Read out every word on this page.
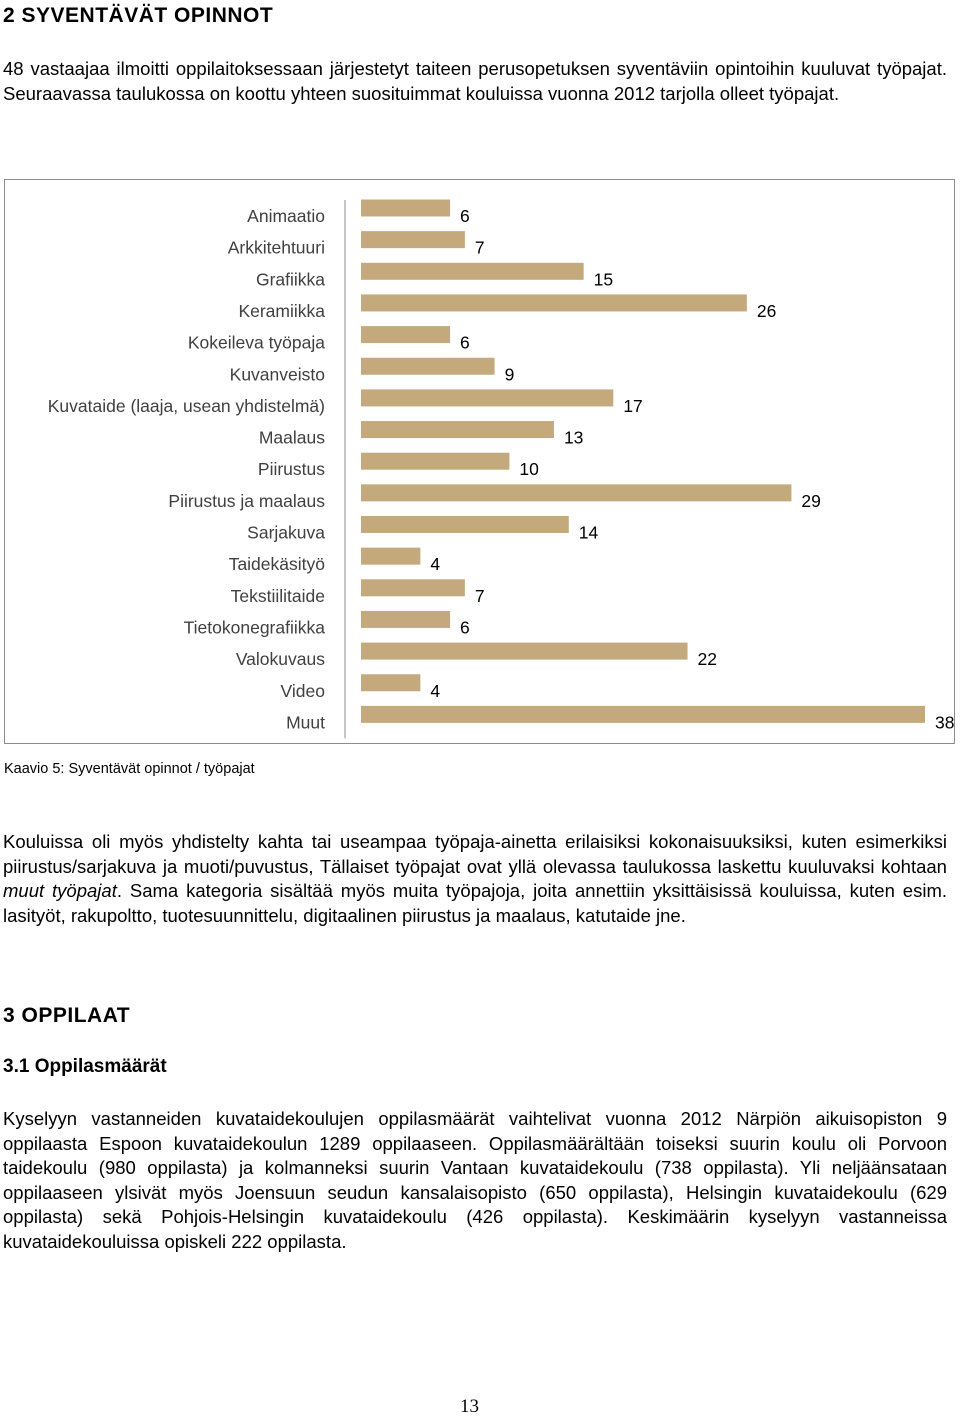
2 SYVENTÄVÄT OPINNOT
48 vastaajaa ilmoitti oppilaitoksessaan järjestetyt taiteen perusopetuksen syventäviin opintoihin kuuluvat työpajat. Seuraavassa taulukossa on koottu yhteen suosituimmat kouluissa vuonna 2012 tarjolla olleet työpajat.
Animaatio	6
Arkkitehtuuri	7
Grafiikka	15
Keramiikka	26
Kokeileva työpaja	6
Kuvanveisto	9
Kuvataide (laaja, usean yhdistelmä)	17
Maalaus	13
Piirustus	10
Piirustus ja maalaus	29
Sarjakuva	14
Taidekäsityö	4
Tekstiilitaide	7
Tietokonegrafiikka	6
Valokuvaus	22
Video	4
Muut	38
Kaavio 5: Syventävät opinnot / työpajat
Kouluissa oli myös yhdistelty kahta tai useampaa työpaja-ainetta erilaisiksi kokonaisuuksiksi, kuten esimerkiksi piirustus/sarjakuva ja muoti/puvustus, Tällaiset työpajat ovat yllä olevassa taulukossa laskettu kuuluvaksi kohtaan muut työpajat. Sama kategoria sisältää myös muita työpajoja, joita annettiin yksittäisissä kouluissa, kuten esim. lasityöt, rakupoltto, tuotesuunnittelu, digitaalinen piirustus ja maalaus, katutaide jne.
3 OPPILAAT
3.1 Oppilasmäärät
Kyselyyn vastanneiden kuvataidekoulujen oppilasmäärät vaihtelivat vuonna 2012 Närpiön aikuisopiston 9 oppilaasta Espoon kuvataidekoulun 1289 oppilaaseen. Oppilasmäärältään toiseksi suurin koulu oli Porvoon taidekoulu (980 oppilasta) ja kolmanneksi suurin Vantaan kuvataidekoulu (738 oppilasta). Yli neljäänsataan oppilaaseen ylsivät myös Joensuun seudun kansalaisopisto (650 oppilasta), Helsingin kuvataidekoulu (629 oppilasta) sekä Pohjois-Helsingin kuvataidekoulu (426 oppilasta). Keskimäärin kyselyyn vastanneissa kuvataidekouluissa opiskeli 222 oppilasta.
13
